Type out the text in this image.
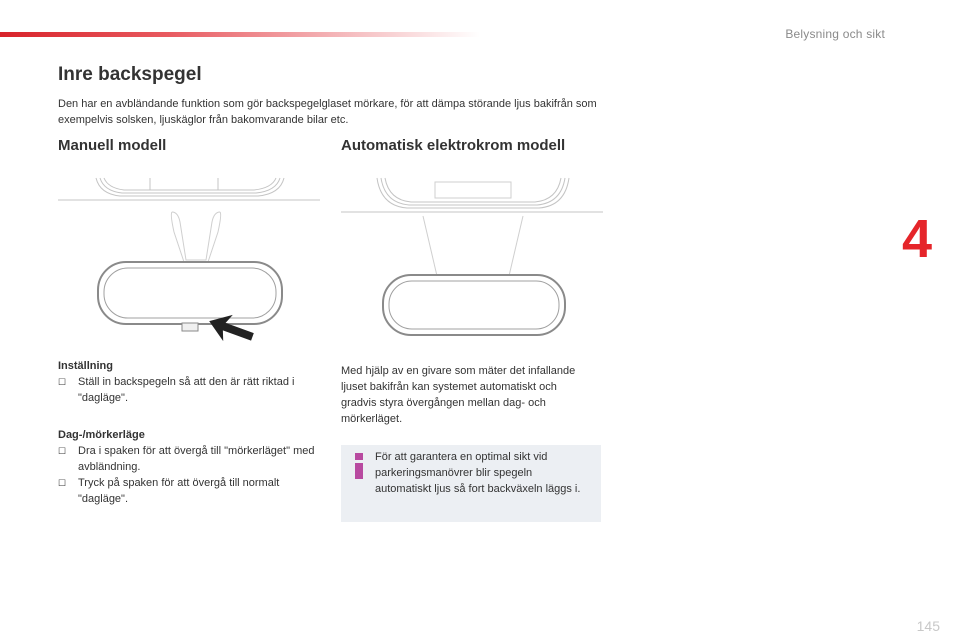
Belysning och sikt
4
Inre backspegel

Den har en avbländande funktion som gör backspegelglaset mörkare, för att dämpa störande ljus bakifrån som exempelvis solsken, ljuskäglor från bakomvarande bilar etc.

Manuell modell	Automatisk elektrokrom modell

Inställning

☐	Ställ in backspegeln så att den är rätt riktad i "dagläge".

Dag-/mörkerläge

☐	Dra i spaken för att övergå till "mörkerläget" med avbländning.
☐	Tryck på spaken för att övergå till normalt "dagläge".

Med hjälp av en givare som mäter det infallande ljuset bakifrån kan systemet automatiskt och gradvis styra övergången mellan dag- och mörkerläget.

För att garantera en optimal sikt vid parkeringsmanövrer blir spegeln automatiskt ljus så fort backväxeln läggs i.

145
